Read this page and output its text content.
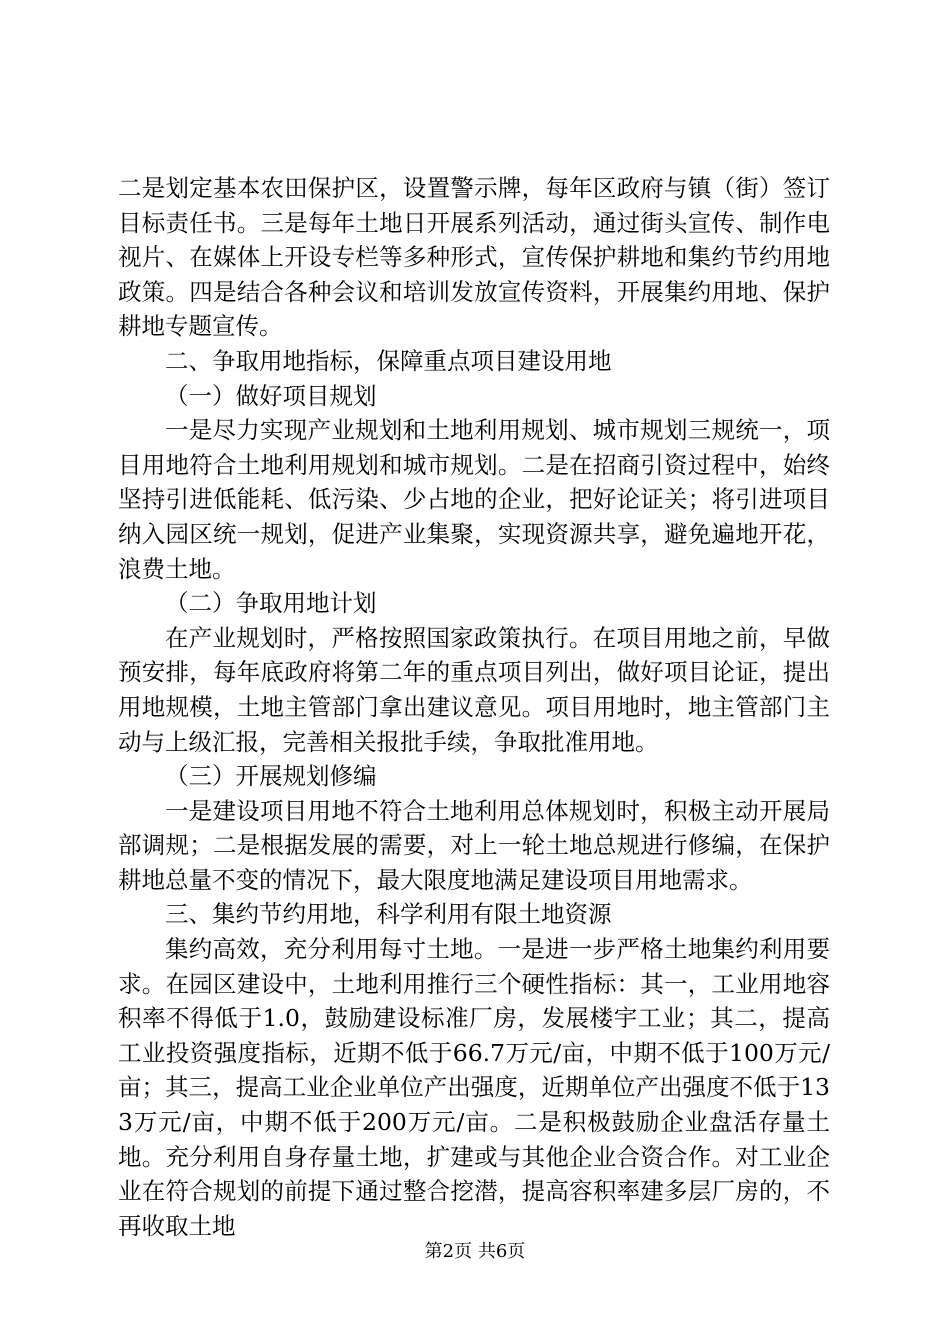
二是划定基本农田保护区，设置警示牌，每年区政府与镇（街）签订目标责任书。三是每年土地日开展系列活动，通过街头宣传、制作电视片、在媒体上开设专栏等多种形式，宣传保护耕地和集约节约用地政策。四是结合各种会议和培训发放宣传资料，开展集约用地、保护耕地专题宣传。

二、争取用地指标，保障重点项目建设用地

（一）做好项目规划

一是尽力实现产业规划和土地利用规划、城市规划三规统一，项目用地符合土地利用规划和城市规划。二是在招商引资过程中，始终坚持引进低能耗、低污染、少占地的企业，把好论证关；将引进项目纳入园区统一规划，促进产业集聚，实现资源共享，避免遍地开花，浪费土地。

（二）争取用地计划

在产业规划时，严格按照国家政策执行。在项目用地之前，早做预安排，每年底政府将第二年的重点项目列出，做好项目论证，提出用地规模，土地主管部门拿出建议意见。项目用地时，地主管部门主动与上级汇报，完善相关报批手续，争取批准用地。

（三）开展规划修编

一是建设项目用地不符合土地利用总体规划时，积极主动开展局部调规；二是根据发展的需要，对上一轮土地总规进行修编，在保护耕地总量不变的情况下，最大限度地满足建设项目用地需求。

三、集约节约用地，科学利用有限土地资源

集约高效，充分利用每寸土地。一是进一步严格土地集约利用要求。在园区建设中，土地利用推行三个硬性指标：其一，工业用地容积率不得低于1.0，鼓励建设标准厂房，发展楼宇工业；其二，提高工业投资强度指标，近期不低于66.7万元/亩，中期不低于100万元/亩；其三，提高工业企业单位产出强度，近期单位产出强度不低于133万元/亩，中期不低于200万元/亩。二是积极鼓励企业盘活存量土地。充分利用自身存量土地，扩建或与其他企业合资合作。对工业企业在符合规划的前提下通过整合挖潜，提高容积率建多层厂房的，不再收取土地

第2页 共6页
